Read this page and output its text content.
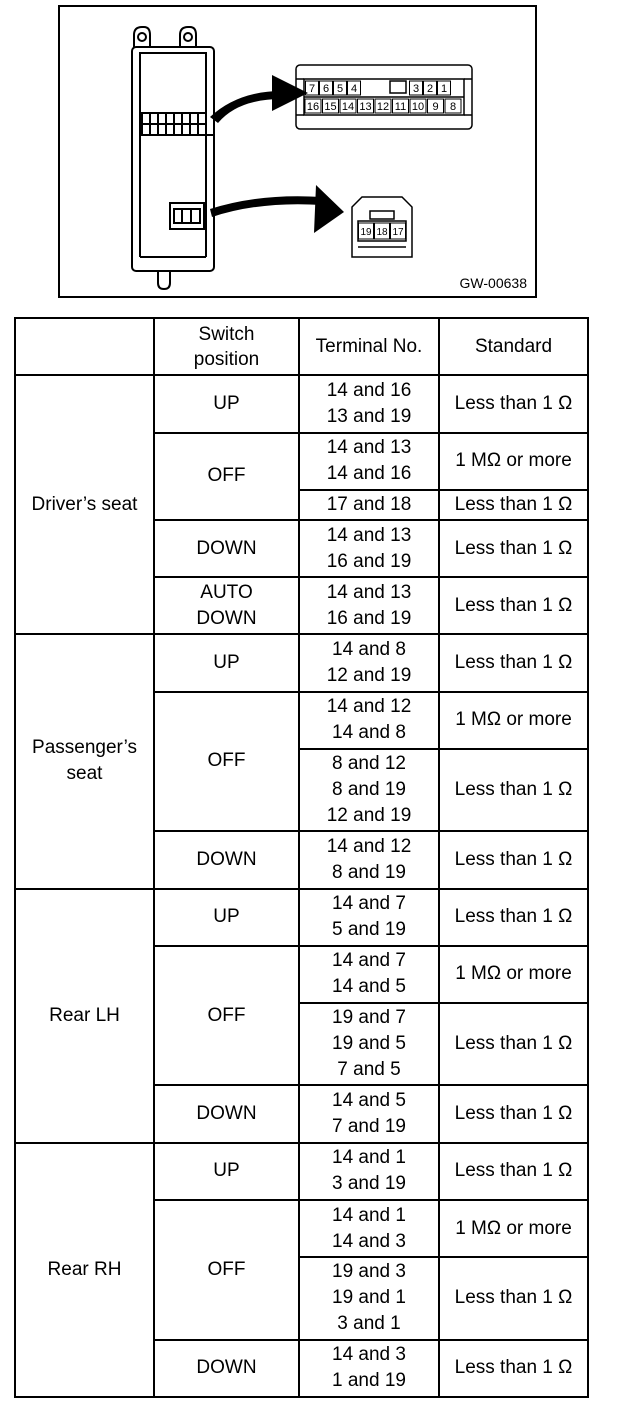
7 6 5 4	3 2 1
16 15 14 13 12 11 10 9 8
19 18 17
GW-00638

	Switch
position	Terminal No.	Standard

Driver’s seat	UP	14 and 16
13 and 19	Less than 1 Ω

	OFF	14 and 13
14 and 16	1 MΩ or more

		17 and 18	Less than 1 Ω

	DOWN	14 and 13
16 and 19	Less than 1 Ω

	AUTO
DOWN	14 and 13
16 and 19	Less than 1 Ω

Passenger’s
seat	UP	14 and 8
12 and 19	Less than 1 Ω

	OFF	14 and 12
14 and 8	1 MΩ or more

		8 and 12
8 and 19
12 and 19	Less than 1 Ω

	DOWN	14 and 12
8 and 19	Less than 1 Ω

Rear LH	UP	14 and 7
5 and 19	Less than 1 Ω

	OFF	14 and 7
14 and 5	1 MΩ or more

		19 and 7
19 and 5
7 and 5	Less than 1 Ω

	DOWN	14 and 5
7 and 19	Less than 1 Ω

Rear RH	UP	14 and 1
3 and 19	Less than 1 Ω

	OFF	14 and 1
14 and 3	1 MΩ or more

		19 and 3
19 and 1
3 and 1	Less than 1 Ω

	DOWN	14 and 3
1 and 19	Less than 1 Ω
